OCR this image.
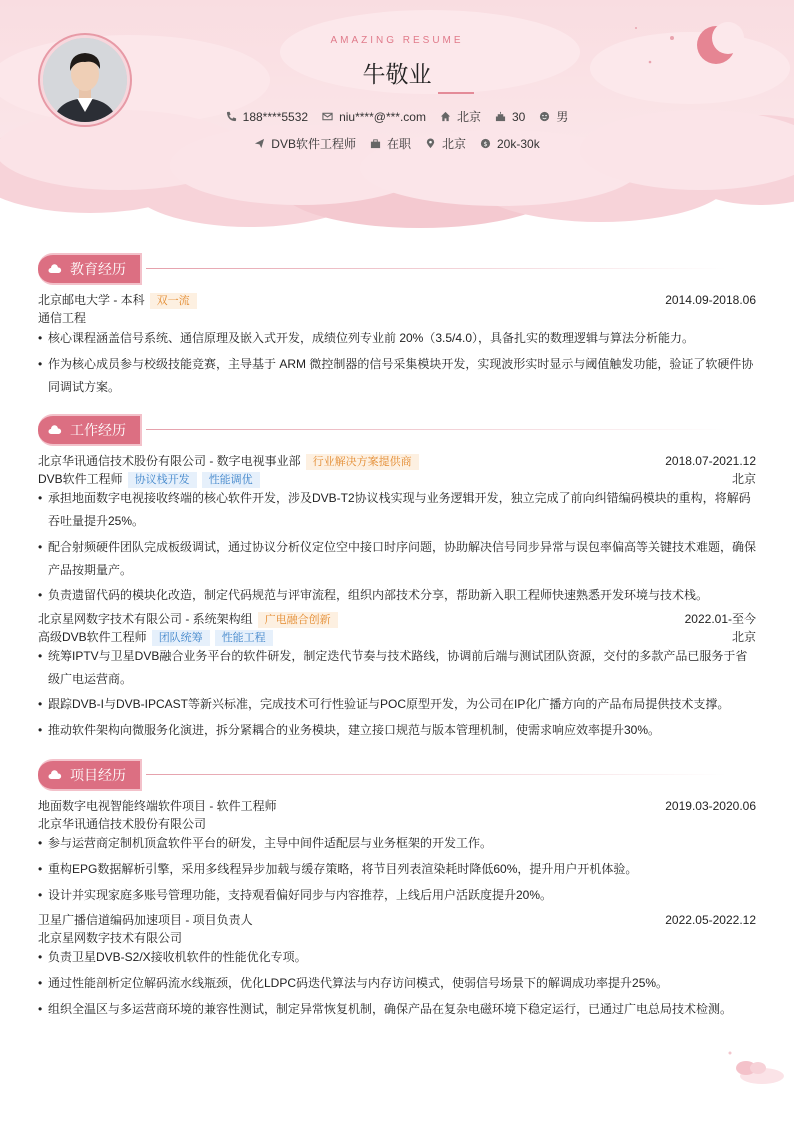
AMAZING RESUME
牛敬业
188****5532	niu****@***.com	北京	30	男
DVB软件工程师	在职	北京 $ 20k-30k
教育经历
北京邮电大学 - 本科 双一流	2014.09-2018.06
通信工程
• 核心课程涵盖信号系统、通信原理及嵌入式开发，成绩位列专业前 20%（3.5/4.0），具备扎实的数理逻辑与算法分析能力。
• 作为核心成员参与校级技能竞赛，主导基于 ARM 微控制器的信号采集模块开发，实现波形实时显示与阈值触发功能，验证了软硬件协同调试方案。
工作经历
北京华讯通信技术股份有限公司 - 数字电视事业部 行业解决方案提供商	2018.07-2021.12
DVB软件工程师 协议栈开发 性能调优	北京
• 承担地面数字电视接收终端的核心软件开发，涉及DVB-T2协议栈实现与业务逻辑开发，独立完成了前向纠错编码模块的重构，将解码吞吐量提升25%。
• 配合射频硬件团队完成板级调试，通过协议分析仪定位空中接口时序问题，协助解决信号同步异常与误包率偏高等关键技术难题，确保产品按期量产。
• 负责遗留代码的模块化改造，制定代码规范与评审流程，组织内部技术分享，帮助新入职工程师快速熟悉开发环境与技术栈。
北京星网数字技术有限公司 - 系统架构组 广电融合创新	2022.01-至今
高级DVB软件工程师 团队统筹 性能工程	北京
• 统筹IPTV与卫星DVB融合业务平台的软件研发，制定迭代节奏与技术路线，协调前后端与测试团队资源，交付的多款产品已服务于省级广电运营商。
• 跟踪DVB-I与DVB-IPCAST等新兴标准，完成技术可行性验证与POC原型开发，为公司在IP化广播方向的产品布局提供技术支撑。
• 推动软件架构向微服务化演进，拆分紧耦合的业务模块，建立接口规范与版本管理机制，使需求响应效率提升30%。
项目经历
地面数字电视智能终端软件项目 - 软件工程师	2019.03-2020.06
北京华讯通信技术股份有限公司
• 参与运营商定制机顶盒软件平台的研发，主导中间件适配层与业务框架的开发工作。
• 重构EPG数据解析引擎，采用多线程异步加载与缓存策略，将节目列表渲染耗时降低60%，提升用户开机体验。
• 设计并实现家庭多账号管理功能，支持观看偏好同步与内容推荐，上线后用户活跃度提升20%。
卫星广播信道编码加速项目 - 项目负责人	2022.05-2022.12
北京星网数字技术有限公司
• 负责卫星DVB-S2/X接收机软件的性能优化专项。
• 通过性能剖析定位解码流水线瓶颈，优化LDPC码迭代算法与内存访问模式，使弱信号场景下的解调成功率提升25%。
• 组织全温区与多运营商环境的兼容性测试，制定异常恢复机制，确保产品在复杂电磁环境下稳定运行，已通过广电总局技术检测。
